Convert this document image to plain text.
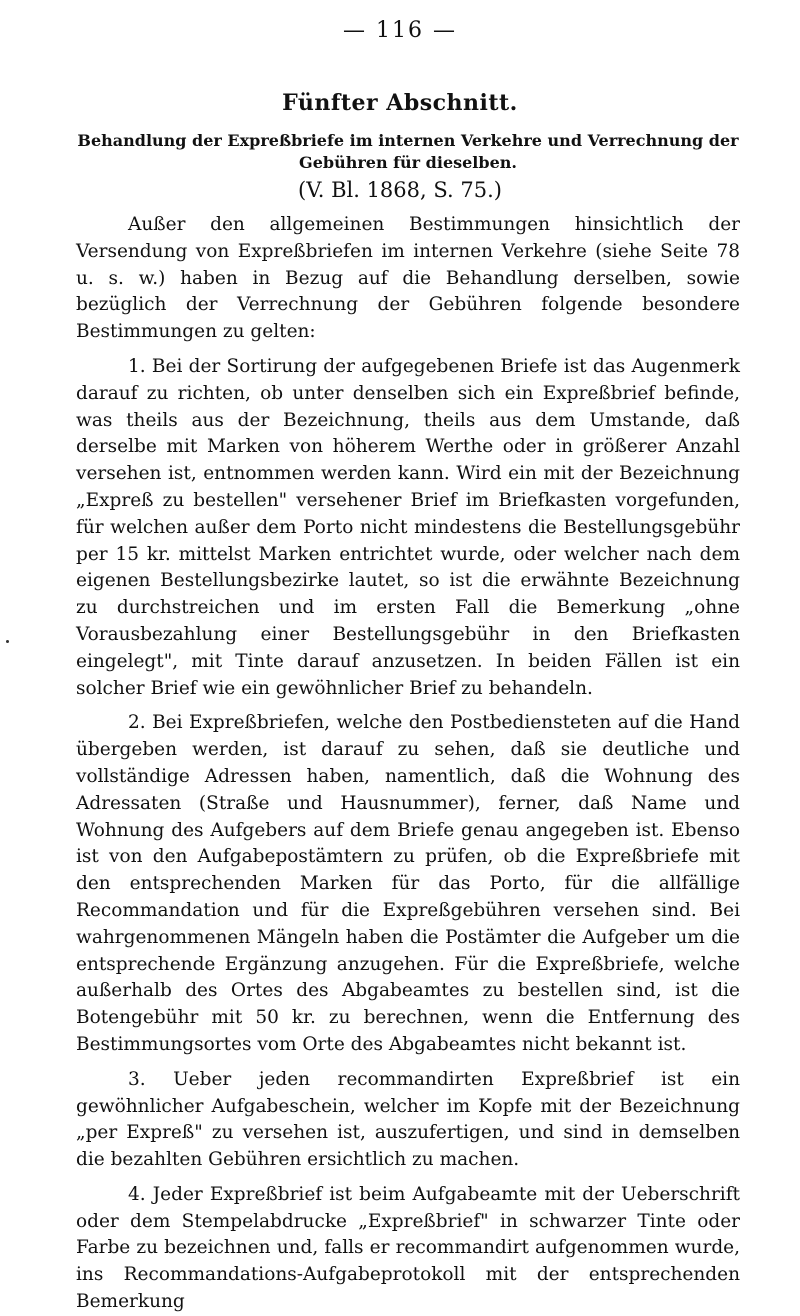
— 116 —
Fünfter Abschnitt.
Behandlung der Expreßbriefe im internen Verkehre und Verrechnung der Gebühren für dieselben.
(V. Bl. 1868, S. 75.)

Außer den allgemeinen Bestimmungen hinsichtlich der Versendung von Expreßbriefen im internen Verkehre (siehe Seite 78 u. s. w.) haben in Bezug auf die Behandlung derselben, sowie bezüglich der Verrechnung der Gebühren folgende besondere Bestimmungen zu gelten:

1. Bei der Sortirung der aufgegebenen Briefe ist das Augenmerk darauf zu richten, ob unter denselben sich ein Expreßbrief befinde, was theils aus der Bezeichnung, theils aus dem Umstande, daß derselbe mit Marken von höherem Werthe oder in größerer Anzahl versehen ist, entnommen werden kann. Wird ein mit der Bezeichnung „Expreß zu bestellen" versehener Brief im Briefkasten vorgefunden, für welchen außer dem Porto nicht mindestens die Bestellungsgebühr per 15 kr. mittelst Marken entrichtet wurde, oder welcher nach dem eigenen Bestellungsbezirke lautet, so ist die erwähnte Bezeichnung zu durchstreichen und im ersten Fall die Bemerkung „ohne Vorausbezahlung einer Bestellungsgebühr in den Briefkasten eingelegt", mit Tinte darauf anzusetzen. In beiden Fällen ist ein solcher Brief wie ein gewöhnlicher Brief zu behandeln.

2. Bei Expreßbriefen, welche den Postbediensteten auf die Hand übergeben werden, ist darauf zu sehen, daß sie deutliche und vollständige Adressen haben, namentlich, daß die Wohnung des Adressaten (Straße und Hausnummer), ferner, daß Name und Wohnung des Aufgebers auf dem Briefe genau angegeben ist. Ebenso ist von den Aufgabepostämtern zu prüfen, ob die Expreßbriefe mit den entsprechenden Marken für das Porto, für die allfällige Recommandation und für die Expreßgebühren versehen sind. Bei wahrgenommenen Mängeln haben die Postämter die Aufgeber um die entsprechende Ergänzung anzugehen. Für die Expreßbriefe, welche außerhalb des Ortes des Abgabeamtes zu bestellen sind, ist die Botengebühr mit 50 kr. zu berechnen, wenn die Entfernung des Bestimmungsortes vom Orte des Abgabeamtes nicht bekannt ist.

3. Ueber jeden recommandirten Expreßbrief ist ein gewöhnlicher Aufgabeschein, welcher im Kopfe mit der Bezeichnung „per Expreß" zu versehen ist, auszufertigen, und sind in demselben die bezahlten Gebühren ersichtlich zu machen.

4. Jeder Expreßbrief ist beim Aufgabeamte mit der Ueberschrift oder dem Stempelabdrucke „Expreßbrief" in schwarzer Tinte oder Farbe zu bezeichnen und, falls er recommandirt aufgenommen wurde, ins Recommandations-Aufgabeprotokoll mit der entsprechenden Bemerkung
